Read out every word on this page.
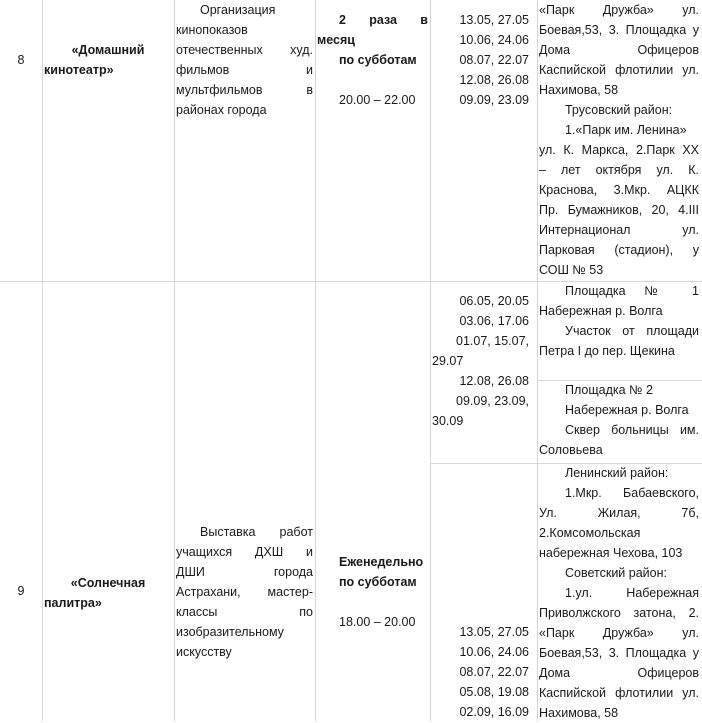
8
«Домашний
кинотеатр»
Организация
кинопоказов
отечественных худ.
фильмов и
мультфильмов в
районах города
2 раза в
месяц
по субботам
20.00 – 22.00
13.05, 27.05
10.06, 24.06
08.07, 22.07
12.08, 26.08
09.09, 23.09
«Парк Дружба» ул.
Боевая,53, 3. Площадка у
Дома Офицеров
Каспийской флотилии ул.
Нахимова, 58
Трусовский район:
1.«Парк им. Ленина»
ул. К. Маркса, 2.Парк XX
– лет октября ул. К.
Краснова, 3.Мкр. АЦКК
Пр. Бумажников, 20, 4.III
Интернационал ул.
Парковая (стадион), у
СОШ № 53
9
«Солнечная
палитра»
Выставка работ
учащихся ДХШ и
ДШИ города
Астрахани, мастер-
классы по
изобразительному
искусству
Еженедельно
по субботам
18.00 – 20.00
06.05, 20.05
03.06, 17.06
01.07, 15.07,
29.07
12.08, 26.08
09.09, 23.09,
30.09
Площадка № 1
Набережная р. Волга
Участок от площади
Петра I до пер. Щекина
Площадка № 2
Набережная р. Волга
Сквер больницы им.
Соловьева
13.05, 27.05
10.06, 24.06
08.07, 22.07
05.08, 19.08
02.09, 16.09
Ленинский район:
1.Мкр. Бабаевского,
Ул. Жилая, 7б,
2.Комсомольская
набережная Чехова, 103
Советский район:
1.ул. Набережная
Приволжского затона, 2.
«Парк Дружба» ул.
Боевая,53, 3. Площадка у
Дома Офицеров
Каспийской флотилии ул.
Нахимова, 58
